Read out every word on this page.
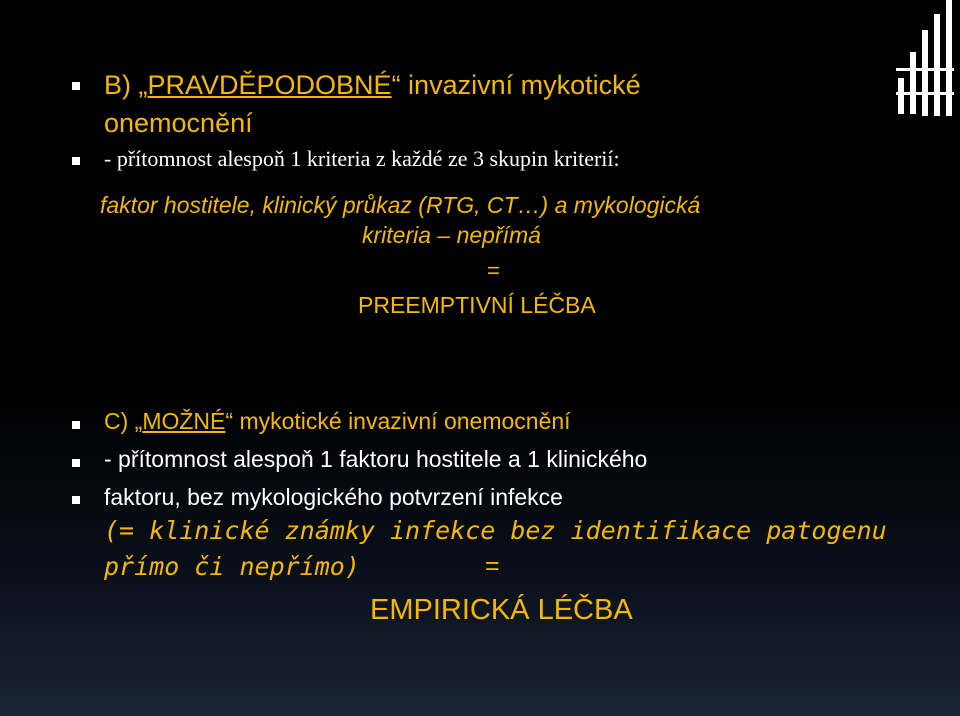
B) „PRAVDĚPODOBNÉ“ invazivní mykotické
onemocnění
- přítomnost alespoň 1 kriteria z každé ze 3 skupin kriterií:
faktor hostitele, klinický průkaz (RTG, CT…) a mykologická
kriteria – nepřímá
=
PREEMPTIVNÍ LÉČBA
C) „MOŽNÉ“ mykotické invazivní onemocnění
- přítomnost alespoň 1 faktoru hostitele a 1 klinického
faktoru, bez mykologického potvrzení infekce
(= klinické známky infekce bez identifikace patogenu
přímo či nepřímo)	=
EMPIRICKÁ LÉČBA
